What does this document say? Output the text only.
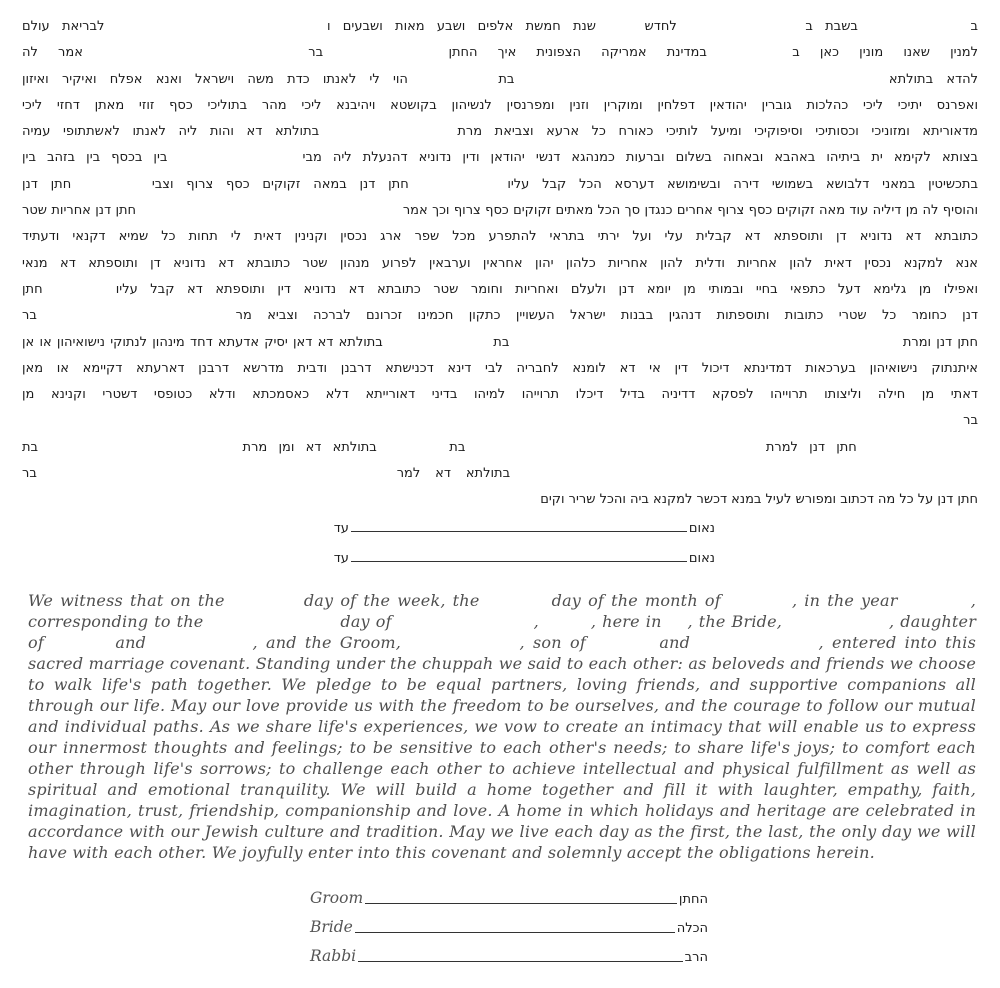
ב  בשבת ב  לחדש  שנת חמשת אלפים ושבע מאות ושבעים ו  לבריאת עולם
למנין שאנו מונין כאן ב  במדינת אמריקה הצפונית איך החתן  בר  אמר לה
להדא בתולתא  בת  הוי לי לאנתו כדת משה וישראל ואנא אפלח ואיקיר ואיזון
ואפרנס יתיכי ליכי כהלכות גוברין יהודאין דפלחין ומוקרין וזנין ומפרנסין לנשיהון בקושטא ויהיבנא ליכי מהר בתוליכי כסף זוזי מאתן דחזי ליכי
מדאוריתא ומזוניכי וכסותיכי וסיפוקיכי ומיעל לותיכי כאורח כל ארעא וצביאת מרת  בתולתא דא והות ליה לאנתו לאשתתופי עמיה
בצותא לקימא ית ביתיהו באהבא ובאחוה בשלום וברעות כמנהגא דנשי יהודאן ודין נדוניא דהנעלת ליה מבי  בין בכסף בין בזהב בין
בתכשיטין במאני דלבושא בשמושי דירה ובשימושא דערסא הכל קבל עליו  חתן דנן במאה זקוקים כסף צרוף וצבי  חתן דנן
והוסיף לה מן דיליה עוד מאה זקוקים כסף צרוף אחרים כנגדן סך הכל מאתים זקוקים כסף צרוף וכך אמר  חתן דנן אחריות שטר
כתובתא דא נדוניא דן ותוספתא דא קבלית עלי ועל ירתי בתראי להתפרע מכל שפר ארג נכסין וקנינין דאית לי תחות כל שמיא דקנאי ודעתיד
אנא למקנא נכסין דאית להון אחריות ודלית להון אחריות כלהון יהון אחראין וערבאין לפרוע מנהון שטר כתובתא דא נדוניא דן ותוספתא דא מנאי
ואפילו מן גלימא דעל כתפאי בחיי ובמותי מן יומא דנן ולעלם ואחריות וחומר שטר כתובתא דא נדוניא דין ותוספתא דא קבל עליו  חתן
דנן כחומר כל שטרי כתובות ותוספתות דנהגין בבנות ישראל העשויין כתקון חכמינו זכרונם לברכה וצביא מר  בר
חתן דנן ומרת  בת  בתולתא דא דאן יסיק אדעתא דחד מינהון לנתוקי נישואיהון או אן
איתנתוק נישואיהון בערכאות דמדינתא דיכול דין אי דא לומנא לחבריה לבי דינא דכנישתא דרבנן ודבית מדרשא דרבנן דארעתא דקיימא או מאן
דאתי מן חילה וליצותו תרוייהו לפסקא דדיניה בדיל דיכלו תרוייהו למיהו בדיני דאורייתא דלא כאסמכתא ודלא כטופסי דשטרי וקנינא מן
בר
חתן דנן למרת  בת  בתולתא דא ומן מרת  בת
בתולתא דא למר  בר
חתן דנן על כל מה דכתוב ומפורש לעיל במנא דכשר למקנא ביה והכל שריר וקים
נאוםעד
נאוםעד

We witness that on the	day of the week, the	day of the month of	, in the year	, corresponding to the	day of	,	, here in , the Bride,	, daughter of	and	, and the Groom,	, son of	and	, entered into this sacred marriage covenant. Standing under the chuppah we said to each other: as beloveds and friends we choose to walk life's path together. We pledge to be equal partners, loving friends, and supportive companions all through our life. May our love provide us with the freedom to be ourselves, and the courage to follow our mutual and individual paths. As we share life's experiences, we vow to create an intimacy that will enable us to express our innermost thoughts and feelings; to be sensitive to each other's needs; to share life's joys; to comfort each other through life's sorrows; to challenge each other to achieve intellectual and physical fulfillment as well as spiritual and emotional tranquility. We will build a home together and fill it with laughter, empathy, faith, imagination, trust, friendship, companionship and love. A home in which holidays and heritage are celebrated in accordance with our Jewish culture and tradition. May we live each day as the first, the last, the only day we will have with each other. We joyfully enter into this covenant and solemnly accept the obligations herein.

Groom	החתן
Bride	הכלה
Rabbi	הרב
